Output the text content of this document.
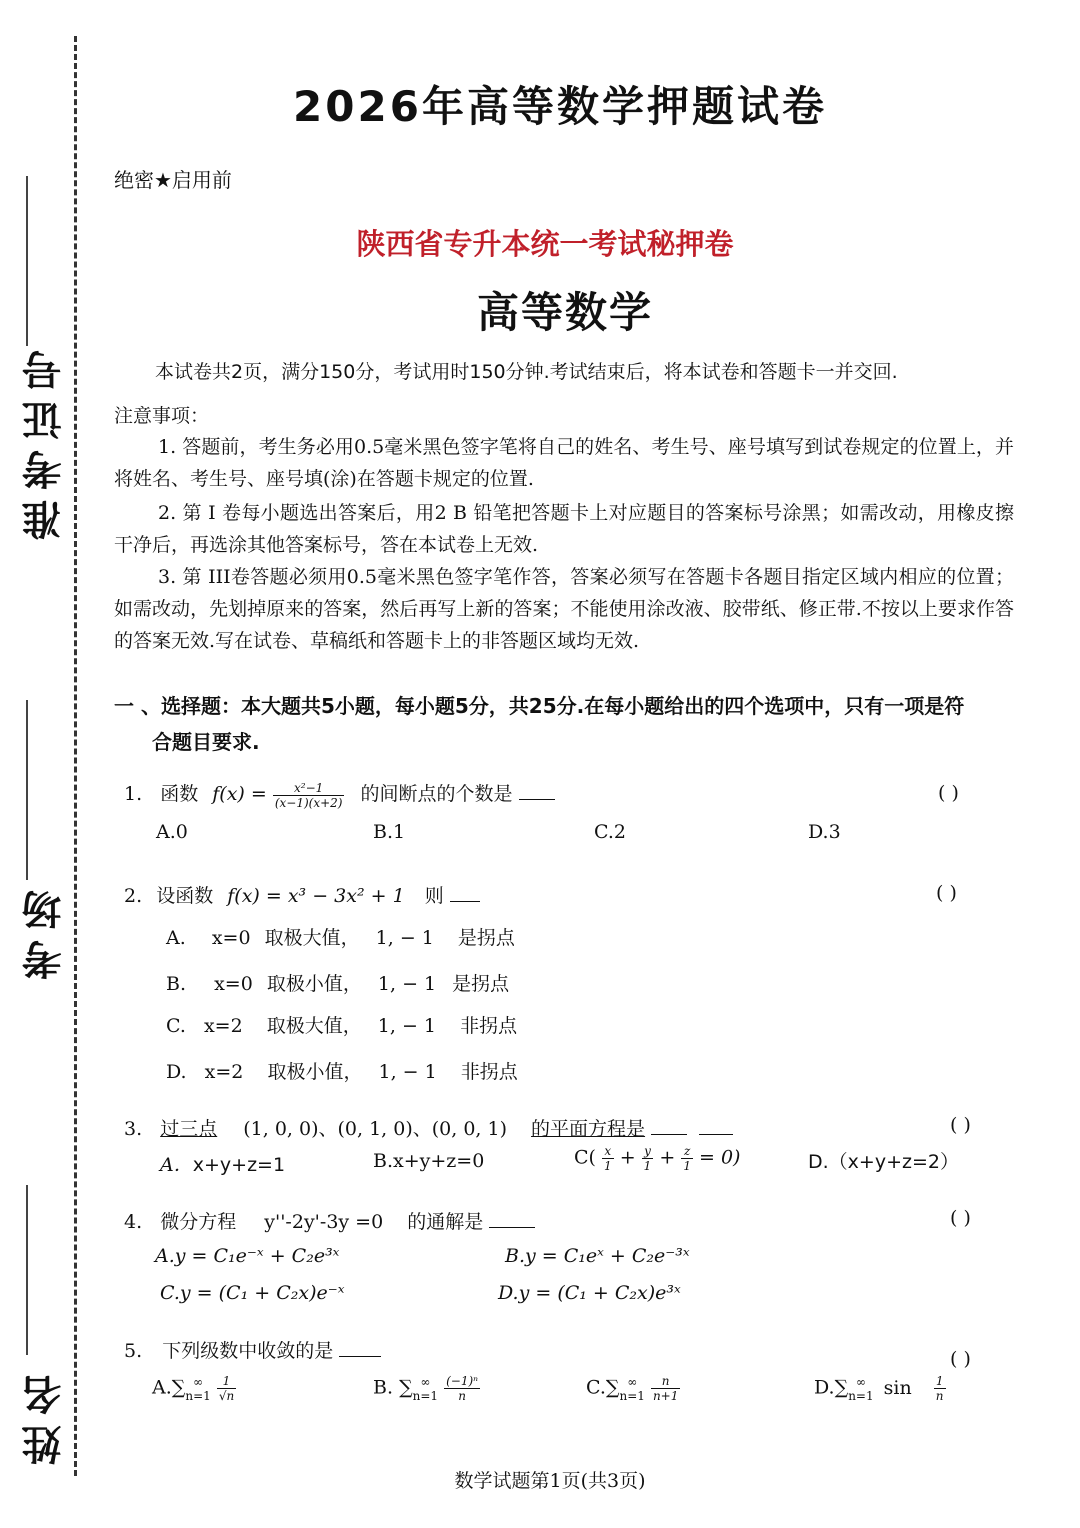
准考证号
考场
姓名
2026年高等数学押题试卷
绝密★启用前
陕西省专升本统一考试秘押卷
高等数学
本试卷共2页，满分150分，考试用时150分钟.考试结束后，将本试卷和答题卡一并交回.
注意事项：
1. 答题前，考生务必用0.5毫米黑色签字笔将自己的姓名、考生号、座号填写到试卷规定的位置上，并将姓名、考生号、座号填(涂)在答题卡规定的位置.
2. 第 I 卷每小题选出答案后，用2 B 铅笔把答题卡上对应题目的答案标号涂黑；如需改动，用橡皮擦干净后，再选涂其他答案标号，答在本试卷上无效.
3. 第 III卷答题必须用0.5毫米黑色签字笔作答，答案必须写在答题卡各题目指定区域内相应的位置；如需改动，先划掉原来的答案，然后再写上新的答案；不能使用涂改液、胶带纸、修正带.不按以上要求作答的答案无效.写在试卷、草稿纸和答题卡上的非答题区域均无效.
一 、选择题：本大题共5小题，每小题5分，共25分.在每小题给出的四个选项中，只有一项是符
合题目要求.
1. 函数 $f(x) = \frac{\text{x²−1}}{(x-1)(x+2)}$ 的间断点的个数是	( )
A.0	B.1	C.2	D.3
2. 设函数 f(x) = x³ − 3x² + 1 则	( )
A. x=0 取极大值， 1, − 1 是拐点
B. x=0 取极小值， 1, − 1 是拐点
C. x=2 取极大值， 1, − 1 非拐点
D. x=2 取极小值， 1, − 1 非拐点
3. 过三点 (1, 0, 0)、(0, 1, 0)、(0, 0, 1) 的平面方程是	( )
A．x+y+z=1	B.x+y+z=0	$C( \frac{x}{1} + \frac{y}{1} + \frac{z}{1} = 0)$	D.（x+y+z=2）
4. 微分方程 y''-2y'-3y =0 的通解是	( )
A.y = C₁e⁻ˣ + C₂e³ˣ	B.y = C₁eˣ + C₂e⁻³ˣ
C.y = (C₁ + C₂x)e⁻ˣ	D.y = (C₁ + C₂x)e³ˣ
5. 下列级数中收敛的是	( )
A.∑ ∞
n=1
$\frac{1}{√n}$	B. ∑ ∞
n=1
$\frac{\text{(−1)ⁿ}}{n}$	C.∑ ∞
n=1
$\frac{n}{n+1}$	D.∑ ∞
n=1 $\sin \frac{1}{n}$
数学试题第1页(共3页)
